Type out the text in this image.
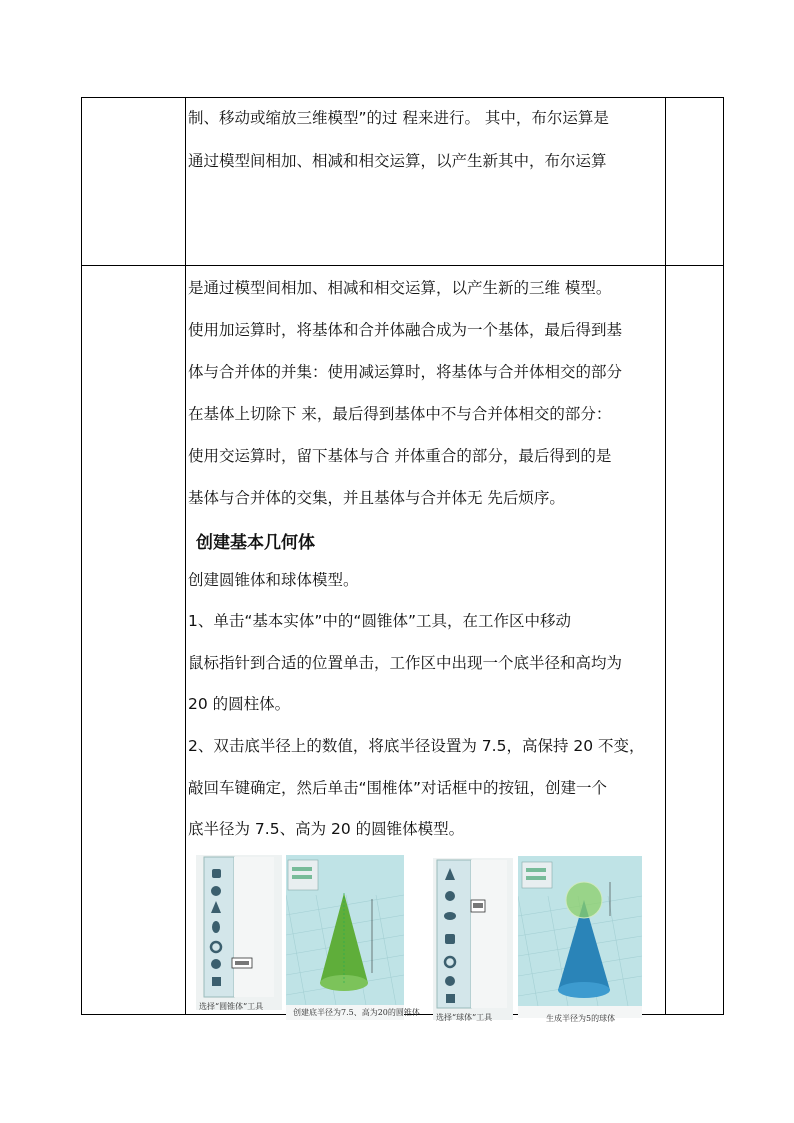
制、移动或缩放三维模型”的过 程来进行。 其中，布尔运算是
通过模型间相加、相减和相交运算，以产生新其中，布尔运算
是通过模型间相加、相减和相交运算，以产生新的三维 模型。
使用加运算时，将基体和合并体融合成为一个基体，最后得到基
体与合并体的并集：使用减运算时，将基体与合并体相交的部分
在基体上切除下 来，最后得到基体中不与合并体相交的部分：
使用交运算时，留下基体与合 并体重合的部分，最后得到的是
基体与合并体的交集，并且基体与合并体无 先后烦序。
创建基本几何体
创建圆锥体和球体模型。
1、单击“基本实体”中的“圆锥体”工具，在工作区中移动
鼠标指针到合适的位置单击，工作区中出现一个底半径和高均为
20 的圆柱体。
2、双击底半径上的数值，将底半径设置为 7.5，高保持 20 不变，
敲回车键确定，然后单击“围椎体”对话框中的按钮，创建一个
底半径为 7.5、高为 20 的圆锥体模型。
选择“圆锥体”工具
创建底半径为7.5、高为20的圆锥体
选择“球体”工具	生成半径为5的球体
